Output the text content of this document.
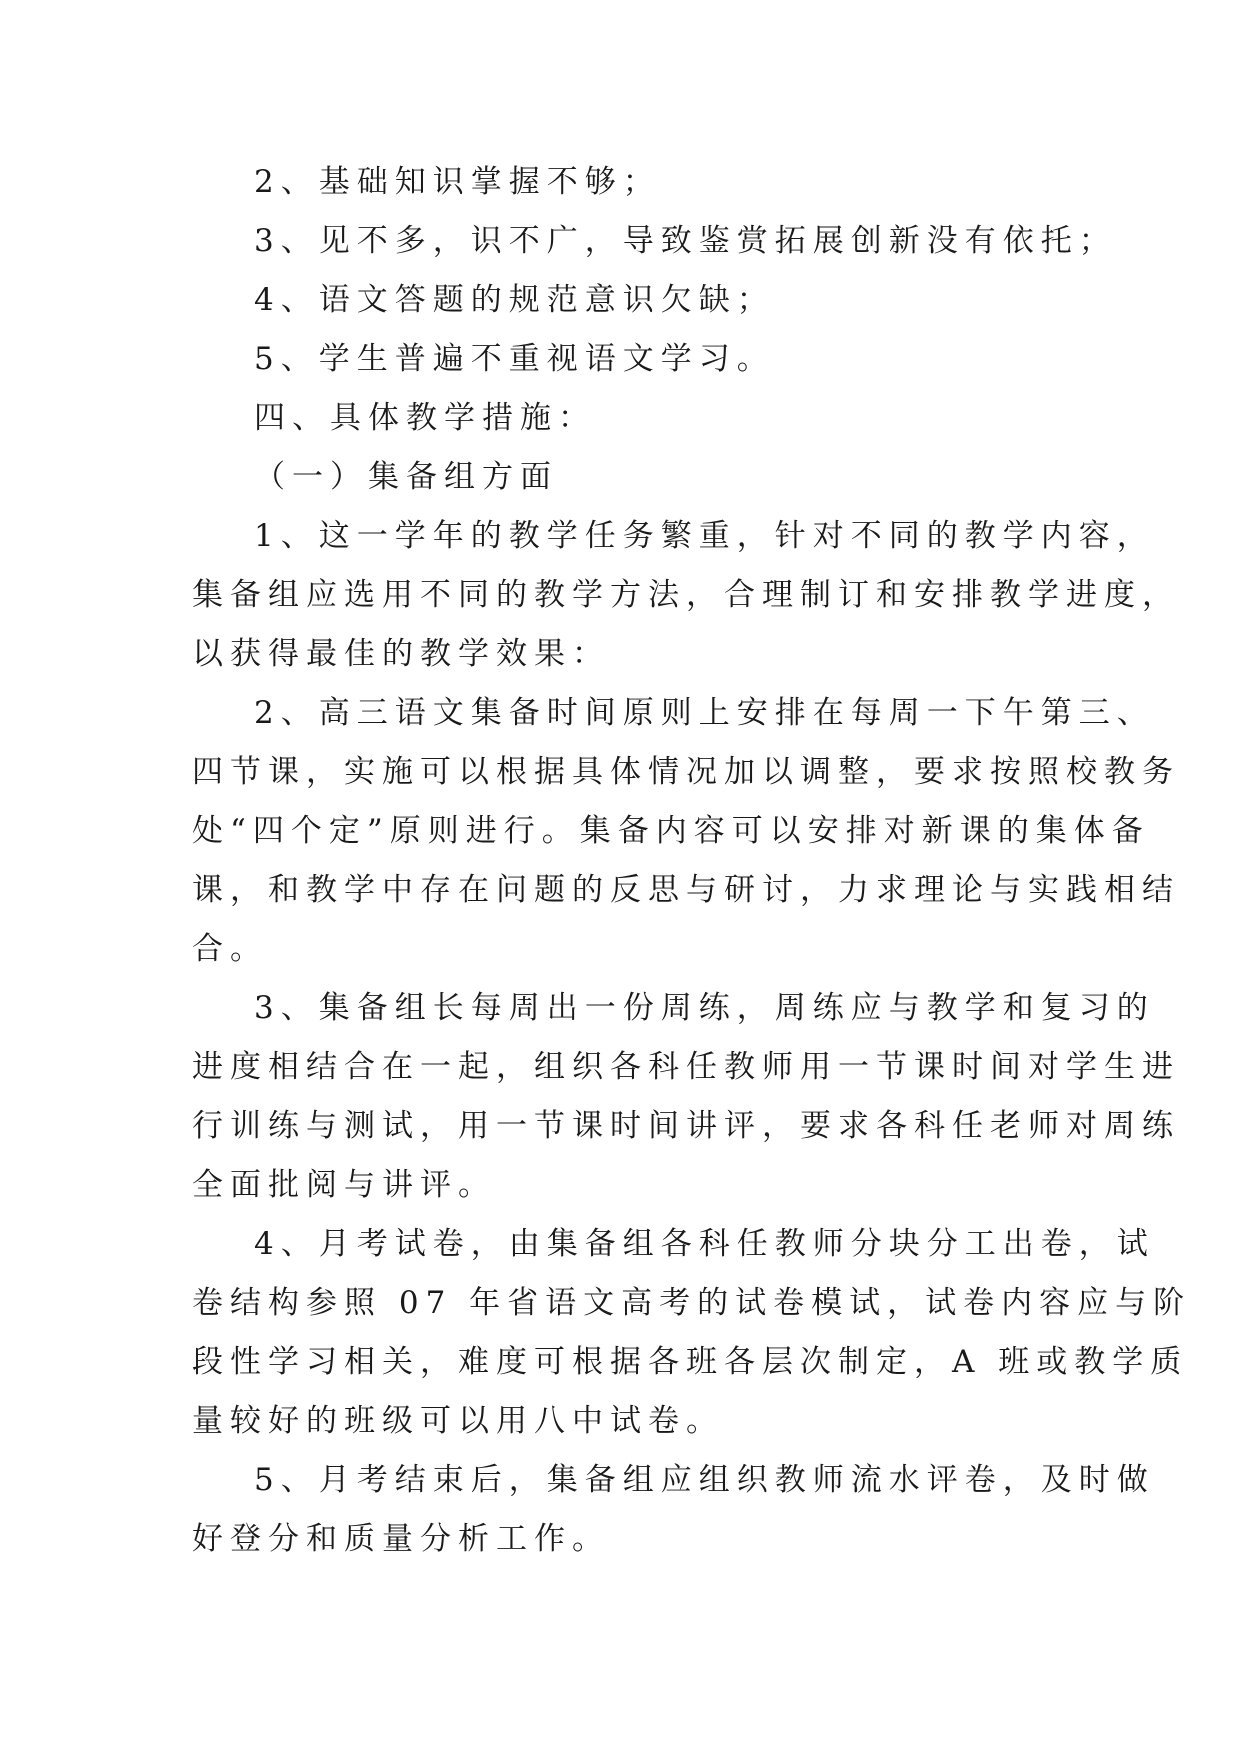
2、基础知识掌握不够；
3、见不多，识不广，导致鉴赏拓展创新没有依托；
4、语文答题的规范意识欠缺；
5、学生普遍不重视语文学习。
四、具体教学措施：
（一）集备组方面
1、这一学年的教学任务繁重，针对不同的教学内容，
集备组应选用不同的教学方法，合理制订和安排教学进度，
以获得最佳的教学效果：
2、高三语文集备时间原则上安排在每周一下午第三、
四节课，实施可以根据具体情况加以调整，要求按照校教务
处“四个定”原则进行。集备内容可以安排对新课的集体备
课，和教学中存在问题的反思与研讨，力求理论与实践相结
合。
3、集备组长每周出一份周练，周练应与教学和复习的
进度相结合在一起，组织各科任教师用一节课时间对学生进
行训练与测试，用一节课时间讲评，要求各科任老师对周练
全面批阅与讲评。
4、月考试卷，由集备组各科任教师分块分工出卷，试
卷结构参照 07 年省语文高考的试卷模试，试卷内容应与阶
段性学习相关，难度可根据各班各层次制定，A 班或教学质
量较好的班级可以用八中试卷。
5、月考结束后，集备组应组织教师流水评卷，及时做
好登分和质量分析工作。
